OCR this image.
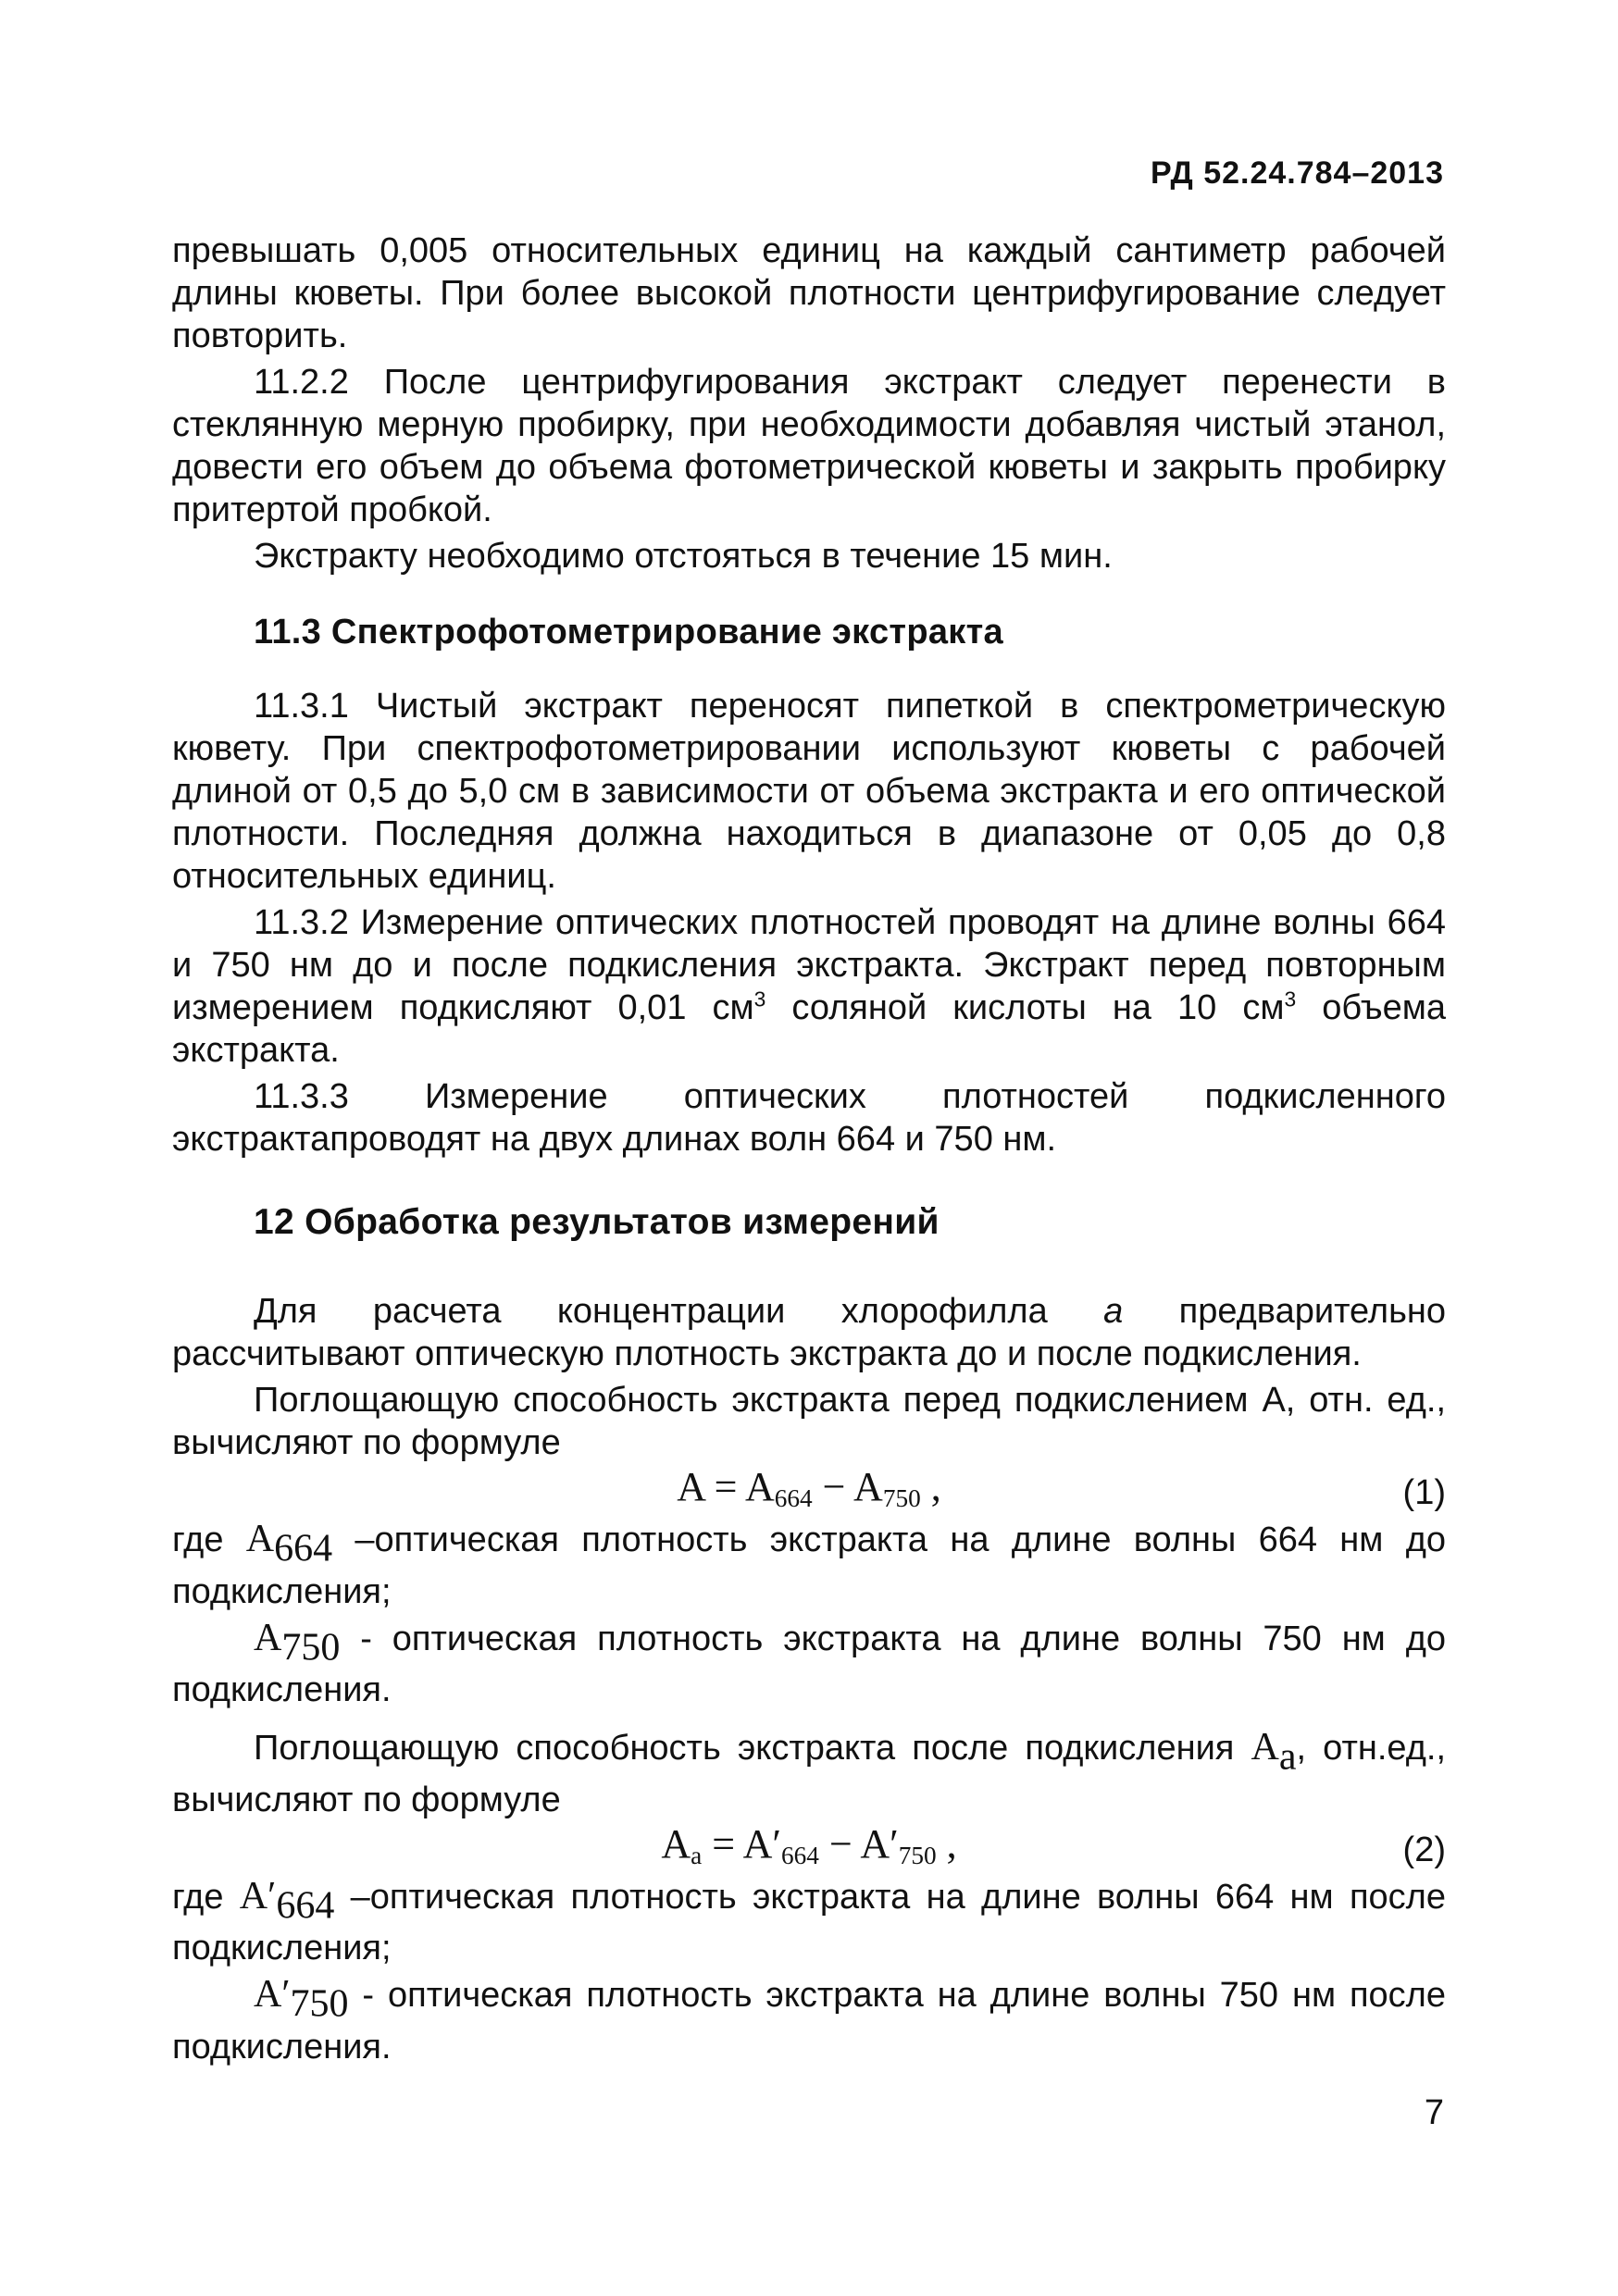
РД 52.24.784–2013

превышать 0,005 относительных единиц на каждый сантиметр рабочей длины кюветы. При более высокой плотности центрифугирование следует повторить.

11.2.2 После центрифугирования экстракт следует перенести в стеклянную мерную пробирку, при необходимости добавляя чистый этанол, довести его объем до объема фотометрической кюветы и закрыть пробирку притертой пробкой.

Экстракту необходимо отстояться в течение 15 мин.

11.3 Спектрофотометрирование экстракта

11.3.1 Чистый экстракт переносят пипеткой в спектрометрическую кювету. При спектрофотометрировании используют кюветы с рабочей длиной от 0,5 до 5,0 см в зависимости от объема экстракта и его оптической плотности. Последняя должна находиться в диапазоне от 0,05 до 0,8 относительных единиц.

11.3.2 Измерение оптических плотностей проводят на длине волны 664 и 750 нм до и после подкисления экстракта. Экстракт перед повторным измерением подкисляют 0,01 $см^3$ соляной кислоты на 10 $см^3$ объема экстракта.

11.3.3 Измерение оптических плотностей подкисленного экстрактапроводят на двух длинах волн 664 и 750 нм.

12 Обработка результатов измерений

Для расчета концентрации хлорофилла а предварительно рассчитывают оптическую плотность экстракта до и после подкисления.

Поглощающую способность экстракта перед подкислением А, отн. ед., вычисляют по формуле

$A = A_{664} - A_{750}$ ,	(1)

где $A_{664}$ –оптическая плотность экстракта на длине волны 664 нм до подкисления;

$A_{750}$ - оптическая плотность экстракта на длине волны 750 нм до подкисления.

Поглощающую способность экстракта после подкисления $A_a$, отн.ед., вычисляют по формуле

$A_a = A'_{664} - A'_{750}$ ,	(2)

где $A'_{664}$ –оптическая плотность экстракта на длине волны 664 нм после подкисления;

$A'_{750}$ - оптическая плотность экстракта на длине волны 750 нм после подкисления.

7
